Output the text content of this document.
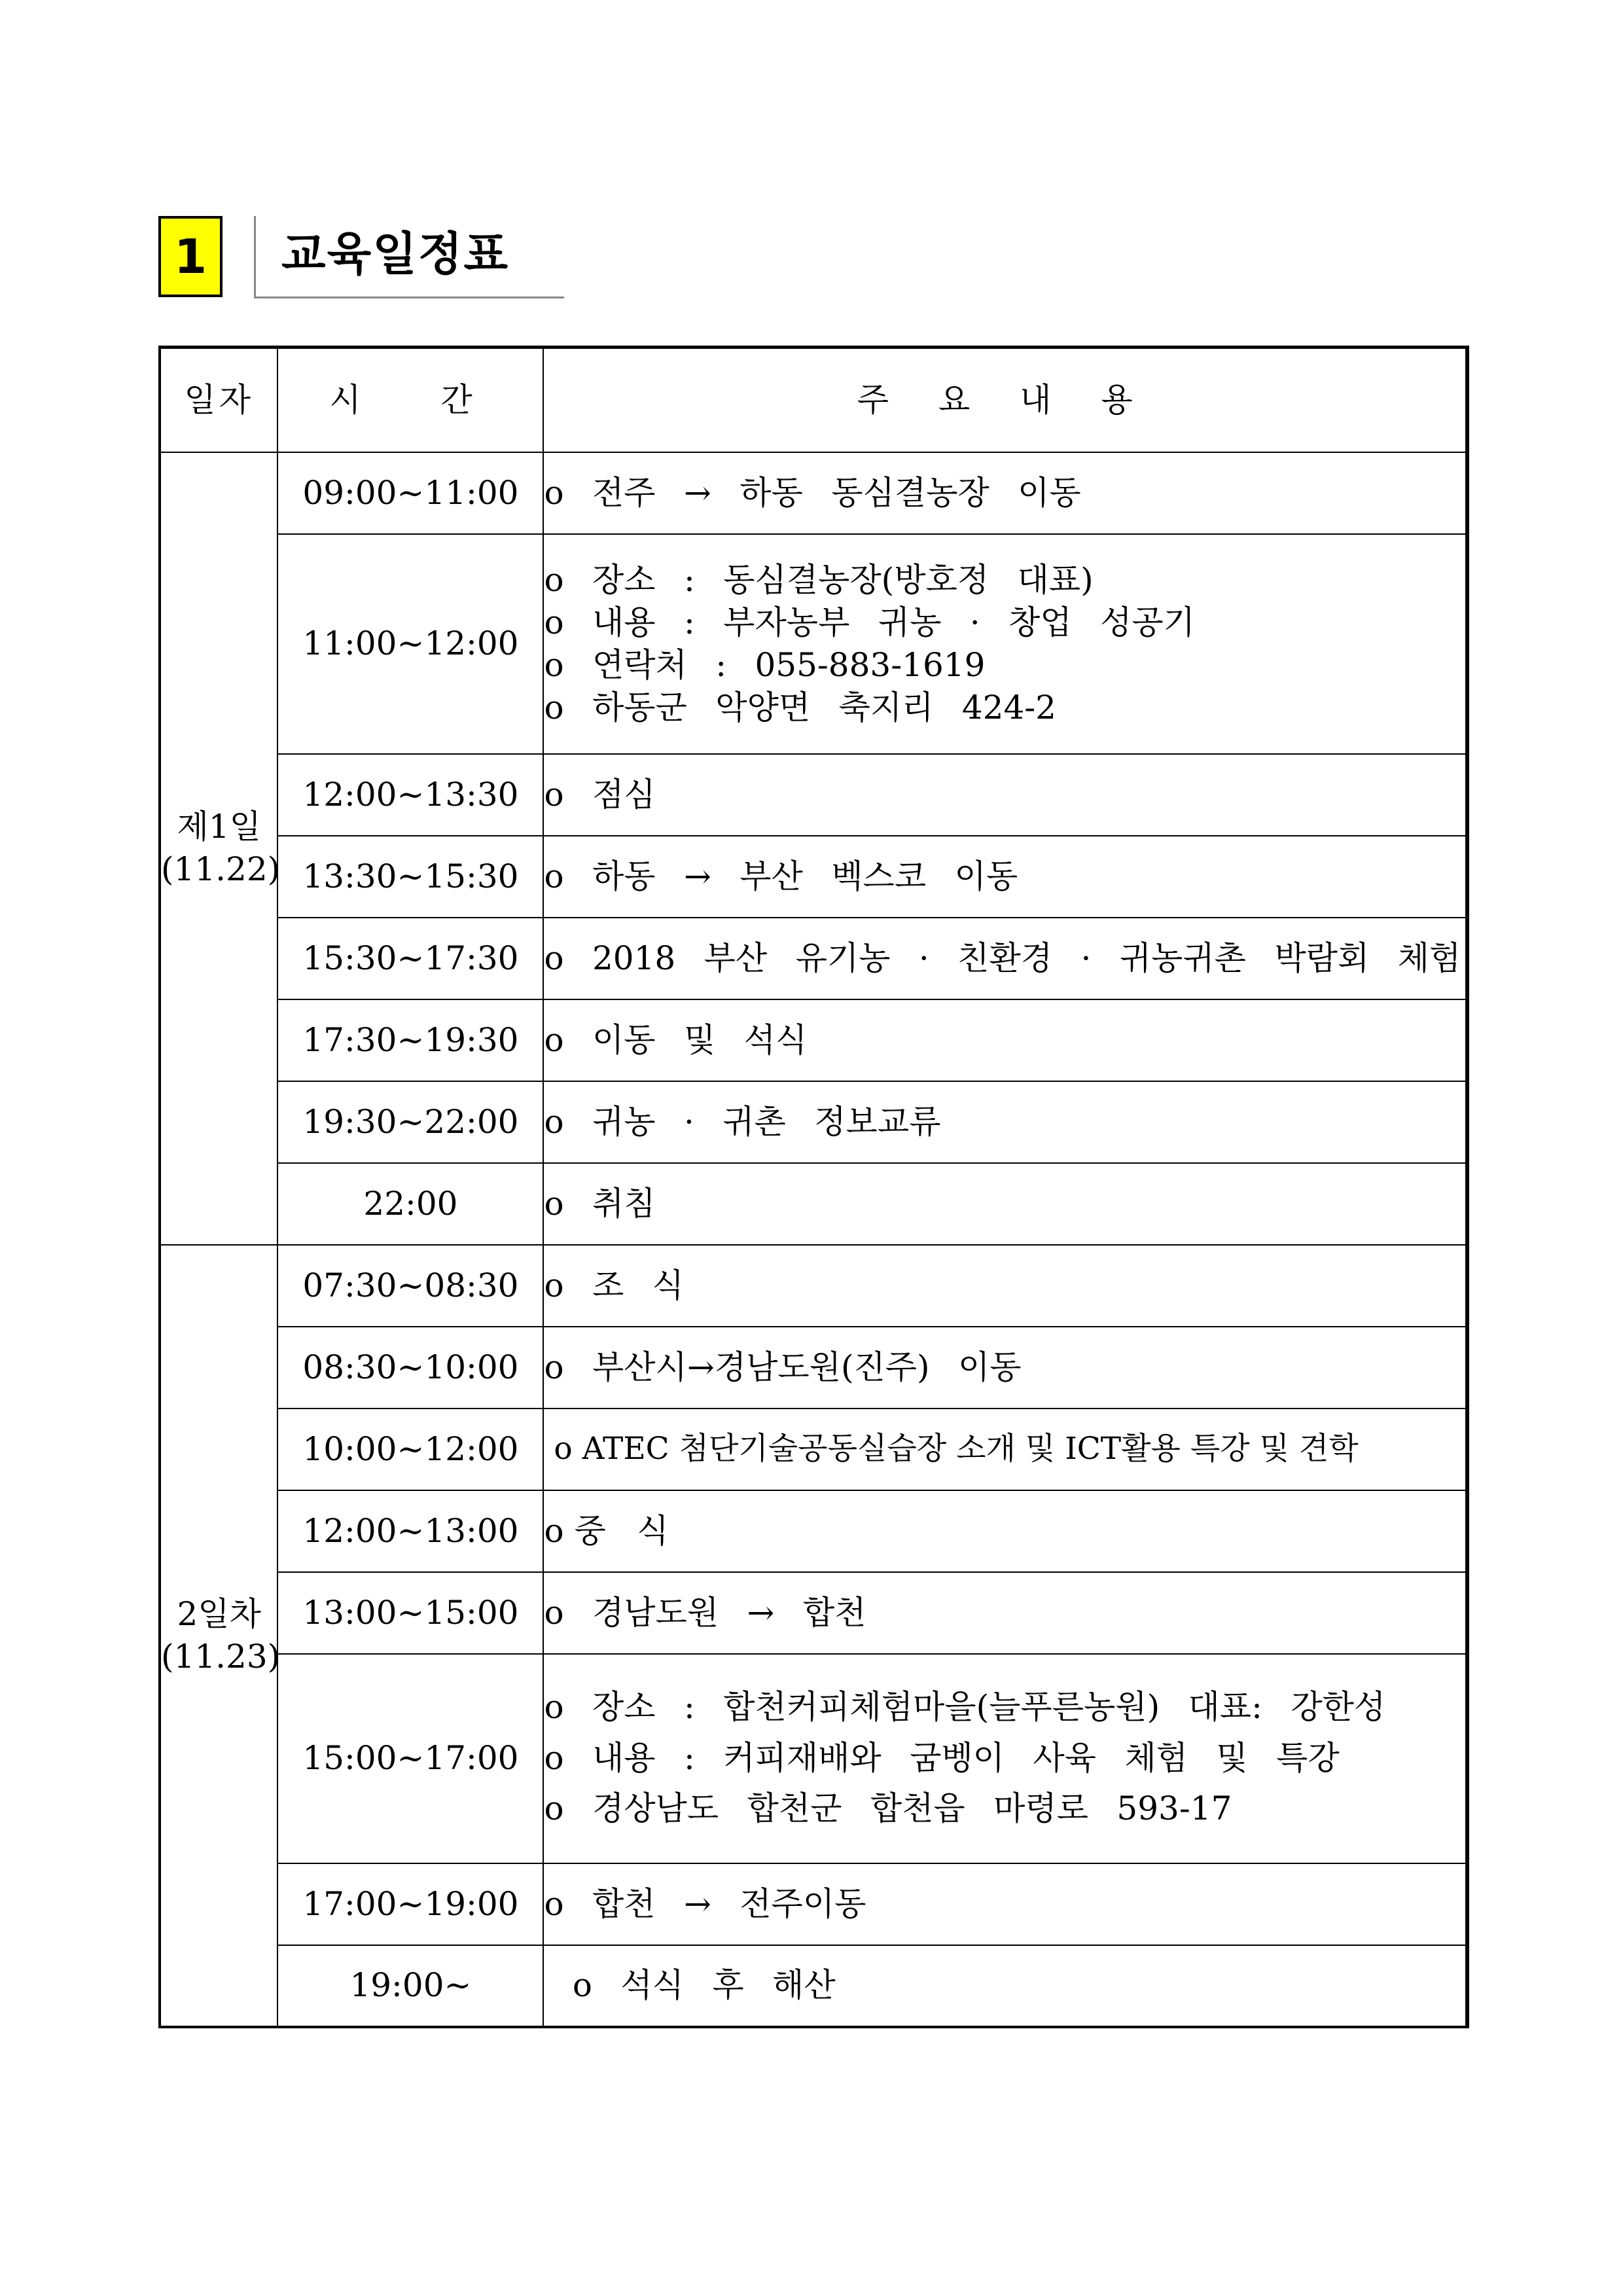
1	교육일정표
일자	시  간	주 요 내 용

제1일
(11.22)	09:00∼11:00	o 전주 → 하동 동심결농장 이동

	11:00~12:00	o 장소 : 동심결농장(방호정 대표)
o 내용 : 부자농부 귀농 · 창업 성공기
o 연락처 : 055-883-1619
o 하동군 악양면 축지리 424-2

	12:00~13:30	o 점심

	13:30~15:30	o 하동 → 부산 벡스코 이동

	15:30∼17:30	o 2018 부산 유기농 · 친환경 · 귀농귀촌 박람회 체험

	17:30∼19:30	o 이동 및 석식

	19:30∼22:00	o 귀농 · 귀촌 정보교류

	22:00	o 취침

2일차
(11.23)	07:30∼08:30	o 조 식

	08:30∼10:00	o 부산시→경남도원(진주) 이동

	10:00∼12:00	o ATEC 첨단기술공동실습장 소개 및 ICT활용 특강 및 견학

	12:00∼13:00	o 중   식

	13:00∼15:00	o 경남도원 → 합천

	15:00∼17:00	o 장소 : 합천커피체험마을(늘푸른농원) 대표: 강한성
o 내용 : 커피재배와 굼벵이 사육 체험 및 특강
o 경상남도 합천군 합천읍 마령로 593-17

	17:00∼19:00	o 합천 → 전주이동

	19:00∼	o 석식 후 해산
